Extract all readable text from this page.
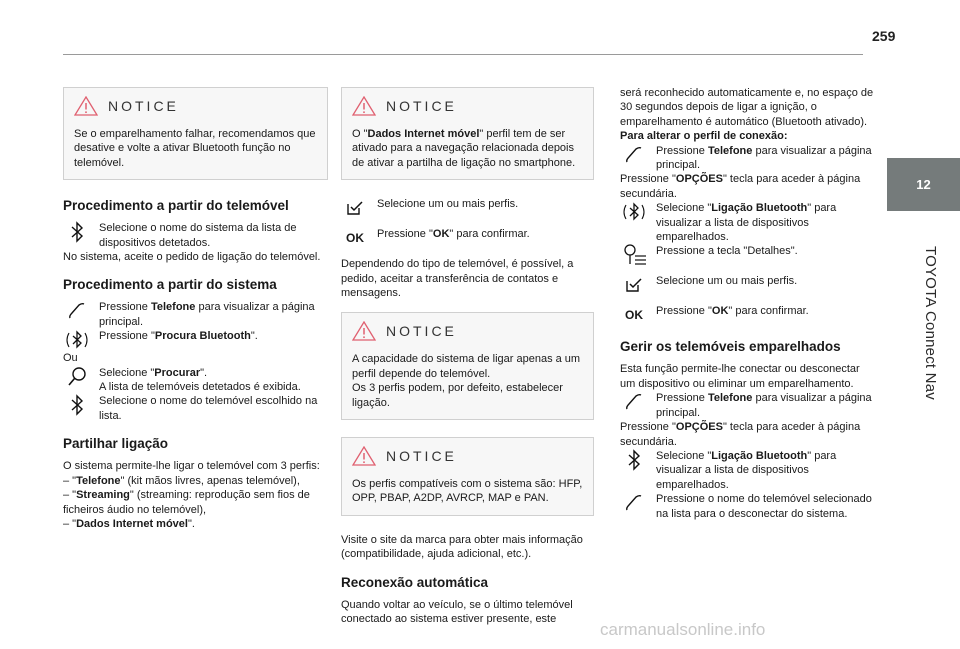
259
12
TOYOTA Connect Nav
NOTICE
Se o emparelhamento falhar, recomendamos que desative e volte a ativar Bluetooth função no telemóvel.
Procedimento a partir do telemóvel
Selecione o nome do sistema da lista de dispositivos detetados.

No sistema, aceite o pedido de ligação do telemóvel.

Procedimento a partir do sistema
Pressione Telefone para visualizar a página principal.
Pressione "Procura Bluetooth".

Ou

Selecione "Procurar".
A lista de telemóveis detetados é exibida.
Selecione o nome do telemóvel escolhido na lista.
Partilhar ligação

O sistema permite-lhe ligar o telemóvel com 3 perfis:

– "Telefone" (kit mãos livres, apenas telemóvel),

– "Streaming" (streaming: reprodução sem fios de ficheiros áudio no telemóvel),

– "Dados Internet móvel".

NOTICE
O "Dados Internet móvel" perfil tem de ser ativado para a navegação relacionada depois de ativar a partilha de ligação no smartphone.
Selecione um ou mais perfis.
OK Pressione "OK" para confirmar.

Dependendo do tipo de telemóvel, é possível, a pedido, aceitar a transferência de contatos e mensagens.

NOTICE
A capacidade do sistema de ligar apenas a um perfil depende do telemóvel.
Os 3 perfis podem, por defeito, estabelecer ligação.
NOTICE
Os perfis compatíveis com o sistema são: HFP, OPP, PBAP, A2DP, AVRCP, MAP e PAN.

Visite o site da marca para obter mais informação (compatibilidade, ajuda adicional, etc.).

Reconexão automática

Quando voltar ao veículo, se o último telemóvel conectado ao sistema estiver presente, este

será reconhecido automaticamente e, no espaço de 30 segundos depois de ligar a ignição, o emparelhamento é automático (Bluetooth ativado).

Para alterar o perfil de conexão:

Pressione Telefone para visualizar a página principal.

Pressione "OPÇÕES" tecla para aceder à página secundária.

Selecione "Ligação Bluetooth" para visualizar a lista de dispositivos emparelhados.
Pressione a tecla "Detalhes".
Selecione um ou mais perfis.
OK Pressione "OK" para confirmar.
Gerir os telemóveis emparelhados

Esta função permite-lhe conectar ou desconectar um dispositivo ou eliminar um emparelhamento.

Pressione Telefone para visualizar a página principal.

Pressione "OPÇÕES" tecla para aceder à página secundária.

Selecione "Ligação Bluetooth" para visualizar a lista de dispositivos emparelhados.
Pressione o nome do telemóvel selecionado na lista para o desconectar do sistema.
carmanualsonline.info
